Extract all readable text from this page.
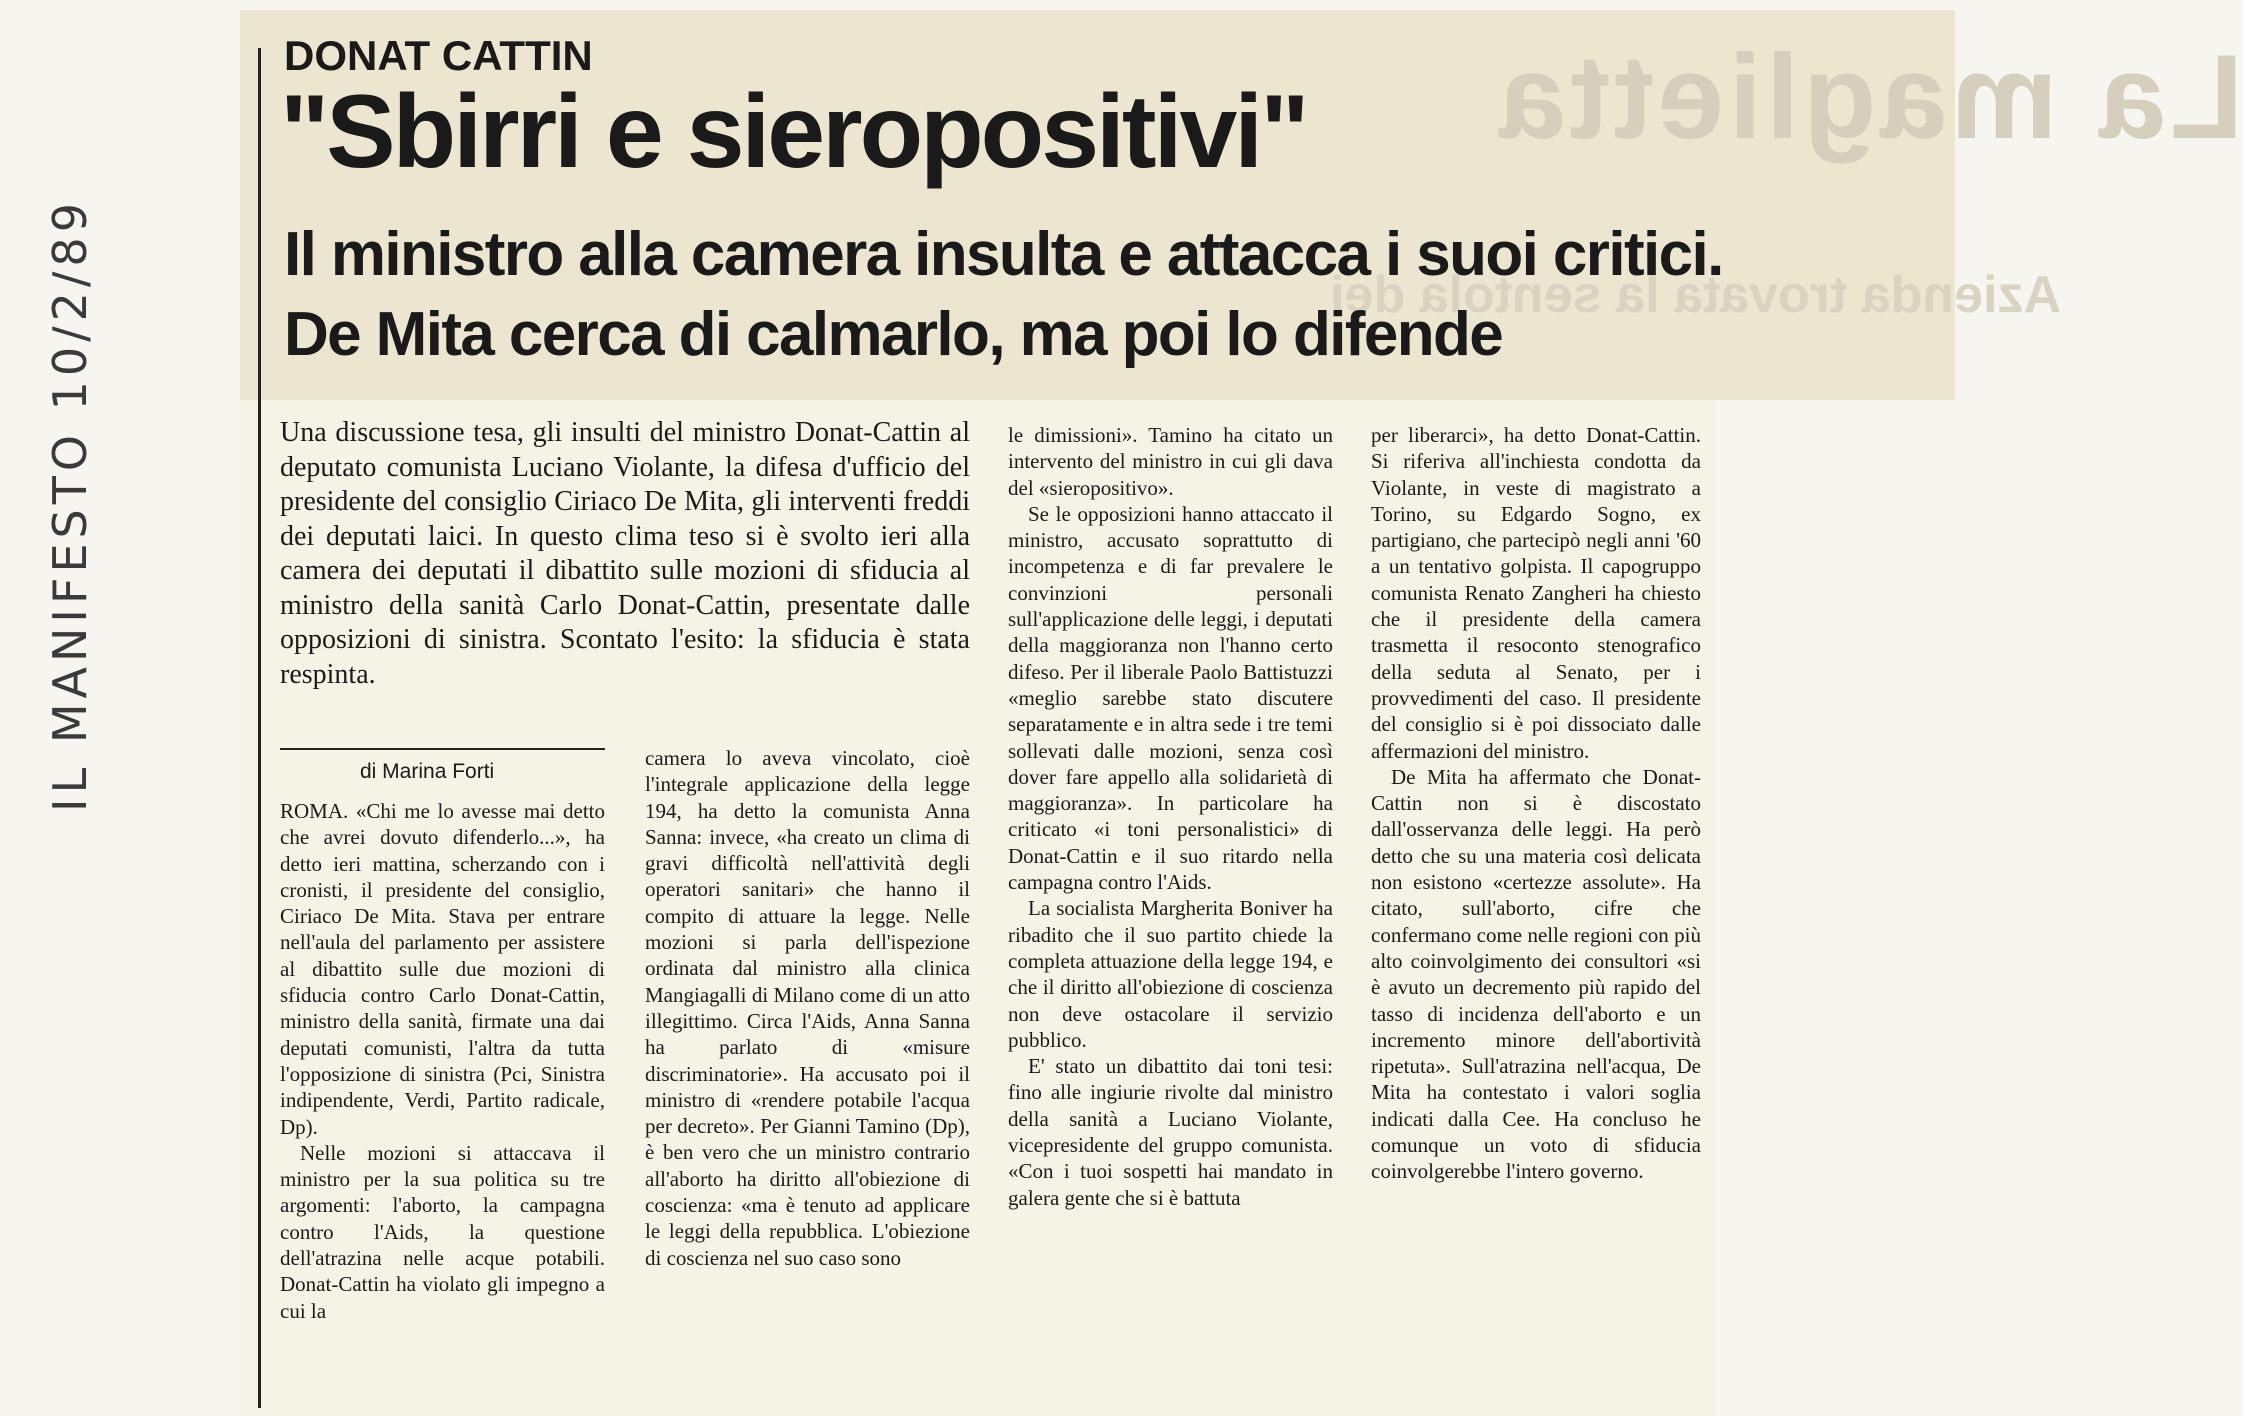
IL MANIFESTO 10/2/89
La maglietta
Azienda trovata la sentola dei
DONAT CATTIN
"Sbirri e sieropositivi"
Il ministro alla camera insulta e attacca i suoi critici.
De Mita cerca di calmarlo, ma poi lo difende
Una discussione tesa, gli insulti del ministro Donat-Cattin al deputato comunista Luciano Violante, la difesa d'ufficio del presidente del consiglio Ciriaco De Mita, gli interventi freddi dei deputati laici. In questo clima teso si è svolto ieri alla camera dei deputati il dibattito sulle mozioni di sfiducia al ministro della sanità Carlo Donat-Cattin, presentate dalle opposizioni di sinistra. Scontato l'esito: la sfiducia è stata respinta.
di Marina Forti

ROMA. «Chi me lo avesse mai detto che avrei dovuto difenderlo...», ha detto ieri mattina, scherzando con i cronisti, il presidente del consiglio, Ciriaco De Mita. Stava per entrare nell'aula del parlamento per assistere al dibattito sulle due mozioni di sfiducia contro Carlo Donat-Cattin, ministro della sanità, firmate una dai deputati comunisti, l'altra da tutta l'opposizione di sinistra (Pci, Sinistra indipendente, Verdi, Partito radicale, Dp).

Nelle mozioni si attaccava il ministro per la sua politica su tre argomenti: l'aborto, la campagna contro l'Aids, la questione dell'atrazina nelle acque potabili. Donat-Cattin ha violato gli impegno a cui la

camera lo aveva vincolato, cioè l'integrale applicazione della legge 194, ha detto la comunista Anna Sanna: invece, «ha creato un clima di gravi difficoltà nell'attività degli operatori sanitari» che hanno il compito di attuare la legge. Nelle mozioni si parla dell'ispezione ordinata dal ministro alla clinica Mangiagalli di Milano come di un atto illegittimo. Circa l'Aids, Anna Sanna ha parlato di «misure discriminatorie». Ha accusato poi il ministro di «rendere potabile l'acqua per decreto». Per Gianni Tamino (Dp), è ben vero che un ministro contrario all'aborto ha diritto all'obiezione di coscienza: «ma è tenuto ad applicare le leggi della repubblica. L'obiezione di coscienza nel suo caso sono

le dimissioni». Tamino ha citato un intervento del ministro in cui gli dava del «sieropositivo».

Se le opposizioni hanno attaccato il ministro, accusato soprattutto di incompetenza e di far prevalere le convinzioni personali sull'applicazione delle leggi, i deputati della maggioranza non l'hanno certo difeso. Per il liberale Paolo Battistuzzi «meglio sarebbe stato discutere separatamente e in altra sede i tre temi sollevati dalle mozioni, senza così dover fare appello alla solidarietà di maggioranza». In particolare ha criticato «i toni personalistici» di Donat-Cattin e il suo ritardo nella campagna contro l'Aids.

La socialista Margherita Boniver ha ribadito che il suo partito chiede la completa attuazione della legge 194, e che il diritto all'obiezione di coscienza non deve ostacolare il servizio pubblico.

E' stato un dibattito dai toni tesi: fino alle ingiurie rivolte dal ministro della sanità a Luciano Violante, vicepresidente del gruppo comunista. «Con i tuoi sospetti hai mandato in galera gente che si è battuta

per liberarci», ha detto Donat-Cattin. Si riferiva all'inchiesta condotta da Violante, in veste di magistrato a Torino, su Edgardo Sogno, ex partigiano, che partecipò negli anni '60 a un tentativo golpista. Il capogruppo comunista Renato Zangheri ha chiesto che il presidente della camera trasmetta il resoconto stenografico della seduta al Senato, per i provvedimenti del caso. Il presidente del consiglio si è poi dissociato dalle affermazioni del ministro.

De Mita ha affermato che Donat-Cattin non si è discostato dall'osservanza delle leggi. Ha però detto che su una materia così delicata non esistono «certezze assolute». Ha citato, sull'aborto, cifre che confermano come nelle regioni con più alto coinvolgimento dei consultori «si è avuto un decremento più rapido del tasso di incidenza dell'aborto e un incremento minore dell'abortività ripetuta». Sull'atrazina nell'acqua, De Mita ha contestato i valori soglia indicati dalla Cee. Ha concluso he comunque un voto di sfiducia coinvolgerebbe l'intero governo.
